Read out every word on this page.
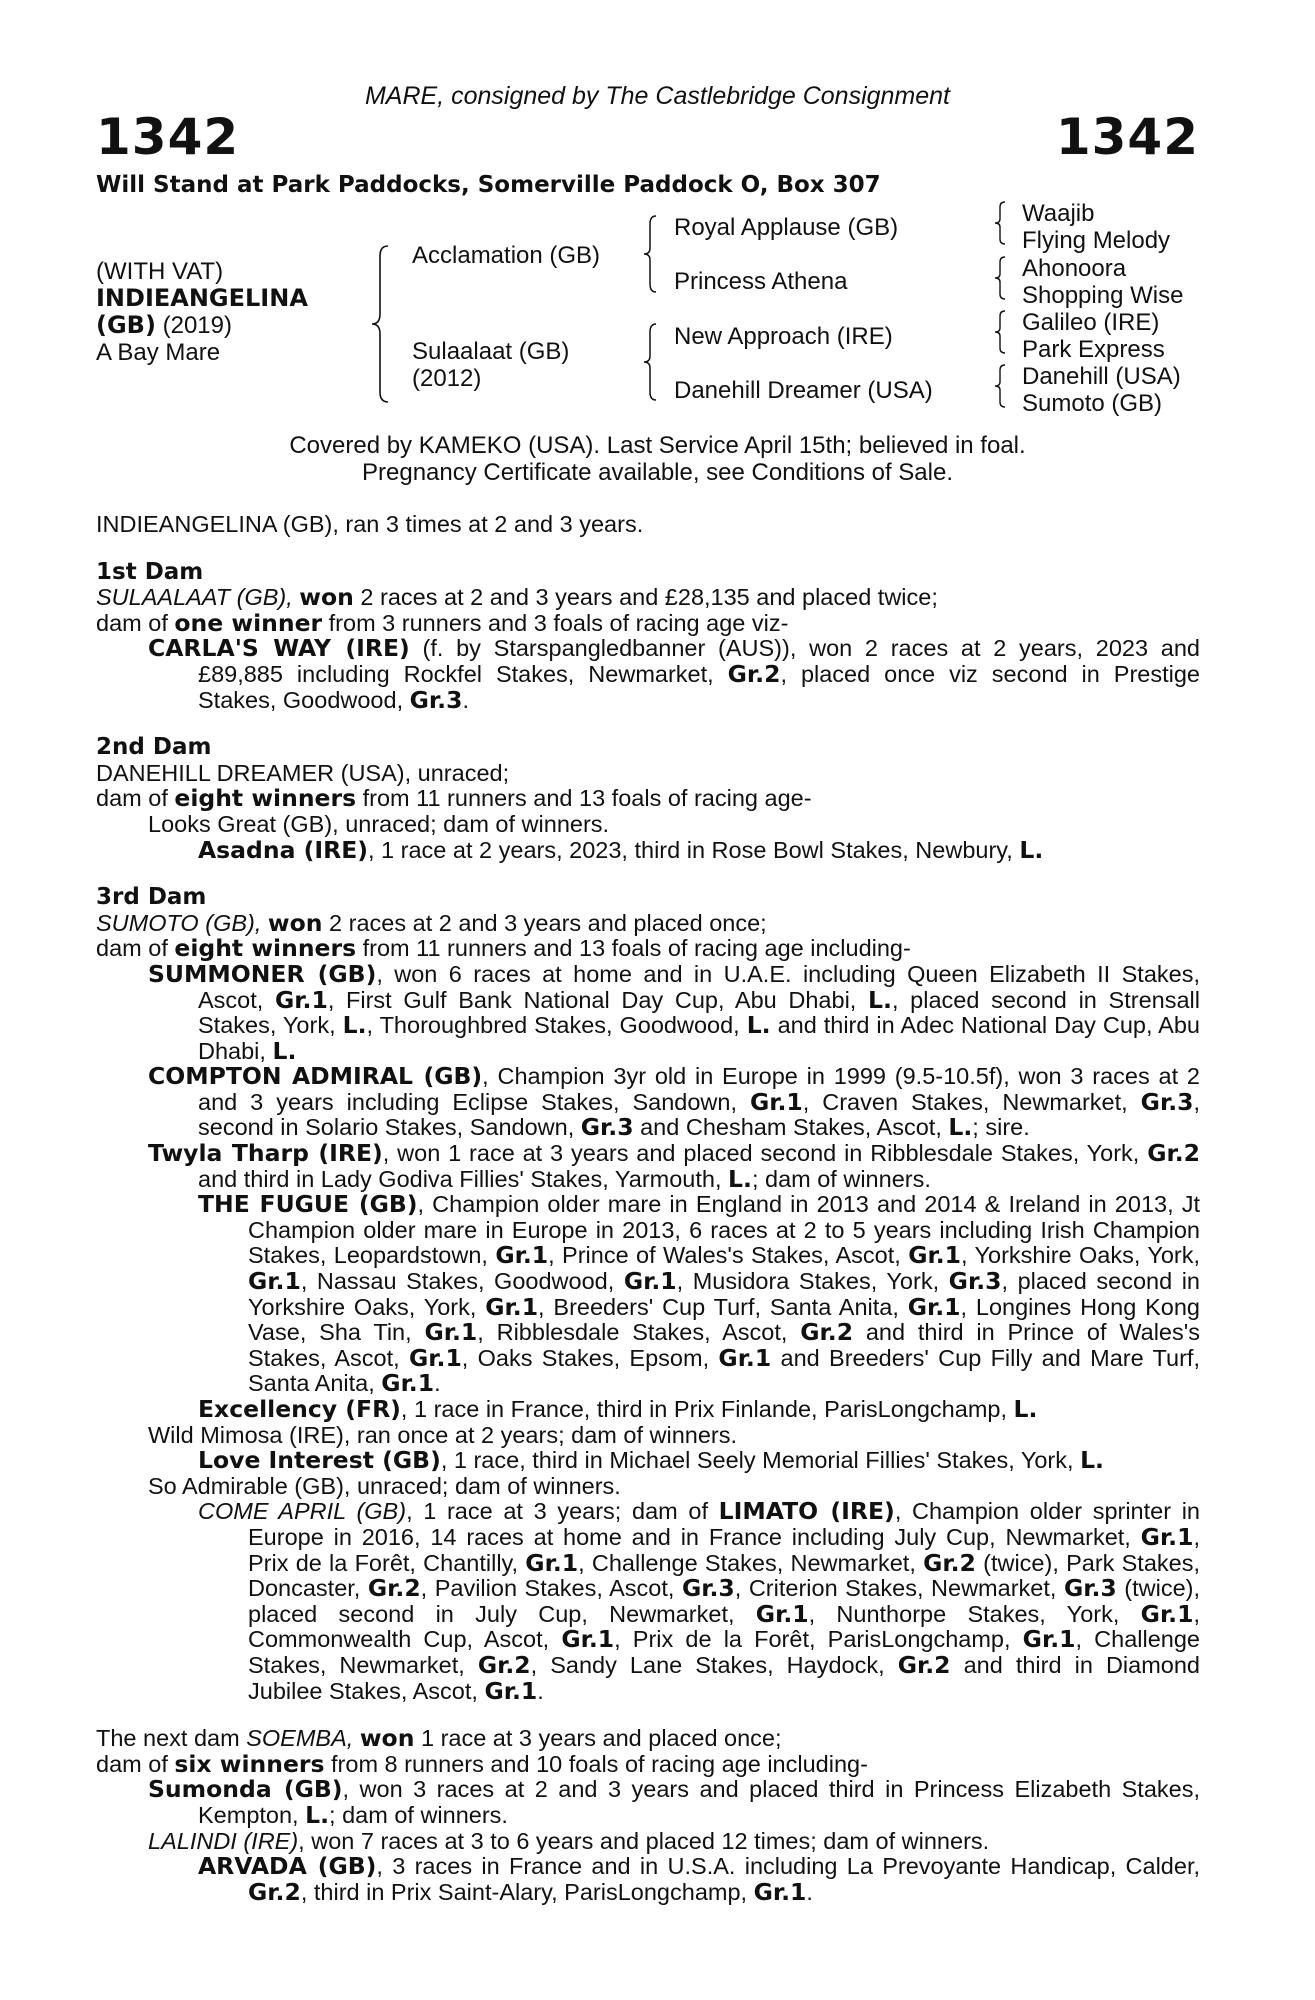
MARE, consigned by The Castlebridge Consignment
1342	1342
Will Stand at Park Paddocks, Somerville Paddock O, Box 307
(WITH VAT)
INDIEANGELINA
(GB) (2019)
A Bay Mare
Acclamation (GB)
Sulaalaat (GB)
(2012)
Royal Applause (GB)
Princess Athena
New Approach (IRE)
Danehill Dreamer (USA)
Waajib
Flying Melody
Ahonoora
Shopping Wise
Galileo (IRE)
Park Express
Danehill (USA)
Sumoto (GB)
Covered by KAMEKO (USA). Last Service April 15th; believed in foal.
Pregnancy Certificate available, see Conditions of Sale.

INDIEANGELINA (GB), ran 3 times at 2 and 3 years.

1st Dam

SULAALAAT (GB), won 2 races at 2 and 3 years and £28,135 and placed twice;

dam of one winner from 3 runners and 3 foals of racing age viz-

CARLA'S WAY (IRE) (f. by Starspangledbanner (AUS)), won 2 races at 2 years, 2023 and £89,885 including Rockfel Stakes, Newmarket, Gr.2, placed once viz second in Prestige Stakes, Goodwood, Gr.3.

2nd Dam

DANEHILL DREAMER (USA), unraced;

dam of eight winners from 11 runners and 13 foals of racing age-

Looks Great (GB), unraced; dam of winners.

Asadna (IRE), 1 race at 2 years, 2023, third in Rose Bowl Stakes, Newbury, L.

3rd Dam

SUMOTO (GB), won 2 races at 2 and 3 years and placed once;

dam of eight winners from 11 runners and 13 foals of racing age including-

SUMMONER (GB), won 6 races at home and in U.A.E. including Queen Elizabeth II Stakes, Ascot, Gr.1, First Gulf Bank National Day Cup, Abu Dhabi, L., placed second in Strensall Stakes, York, L., Thoroughbred Stakes, Goodwood, L. and third in Adec National Day Cup, Abu Dhabi, L.

COMPTON ADMIRAL (GB), Champion 3yr old in Europe in 1999 (9.5-10.5f), won 3 races at 2 and 3 years including Eclipse Stakes, Sandown, Gr.1, Craven Stakes, Newmarket, Gr.3, second in Solario Stakes, Sandown, Gr.3 and Chesham Stakes, Ascot, L.; sire.

Twyla Tharp (IRE), won 1 race at 3 years and placed second in Ribblesdale Stakes, York, Gr.2 and third in Lady Godiva Fillies' Stakes, Yarmouth, L.; dam of winners.

THE FUGUE (GB), Champion older mare in England in 2013 and 2014 & Ireland in 2013, Jt Champion older mare in Europe in 2013, 6 races at 2 to 5 years including Irish Champion Stakes, Leopardstown, Gr.1, Prince of Wales's Stakes, Ascot, Gr.1, Yorkshire Oaks, York, Gr.1, Nassau Stakes, Goodwood, Gr.1, Musidora Stakes, York, Gr.3, placed second in Yorkshire Oaks, York, Gr.1, Breeders' Cup Turf, Santa Anita, Gr.1, Longines Hong Kong Vase, Sha Tin, Gr.1, Ribblesdale Stakes, Ascot, Gr.2 and third in Prince of Wales's Stakes, Ascot, Gr.1, Oaks Stakes, Epsom, Gr.1 and Breeders' Cup Filly and Mare Turf, Santa Anita, Gr.1.

Excellency (FR), 1 race in France, third in Prix Finlande, ParisLongchamp, L.

Wild Mimosa (IRE), ran once at 2 years; dam of winners.

Love Interest (GB), 1 race, third in Michael Seely Memorial Fillies' Stakes, York, L.

So Admirable (GB), unraced; dam of winners.

COME APRIL (GB), 1 race at 3 years; dam of LIMATO (IRE), Champion older sprinter in Europe in 2016, 14 races at home and in France including July Cup, Newmarket, Gr.1, Prix de la Forêt, Chantilly, Gr.1, Challenge Stakes, Newmarket, Gr.2 (twice), Park Stakes, Doncaster, Gr.2, Pavilion Stakes, Ascot, Gr.3, Criterion Stakes, Newmarket, Gr.3 (twice), placed second in July Cup, Newmarket, Gr.1, Nunthorpe Stakes, York, Gr.1, Commonwealth Cup, Ascot, Gr.1, Prix de la Forêt, ParisLongchamp, Gr.1, Challenge Stakes, Newmarket, Gr.2, Sandy Lane Stakes, Haydock, Gr.2 and third in Diamond Jubilee Stakes, Ascot, Gr.1.

The next dam SOEMBA, won 1 race at 3 years and placed once;

dam of six winners from 8 runners and 10 foals of racing age including-

Sumonda (GB), won 3 races at 2 and 3 years and placed third in Princess Elizabeth Stakes, Kempton, L.; dam of winners.

LALINDI (IRE), won 7 races at 3 to 6 years and placed 12 times; dam of winners.

ARVADA (GB), 3 races in France and in U.S.A. including La Prevoyante Handicap, Calder, Gr.2, third in Prix Saint-Alary, ParisLongchamp, Gr.1.
